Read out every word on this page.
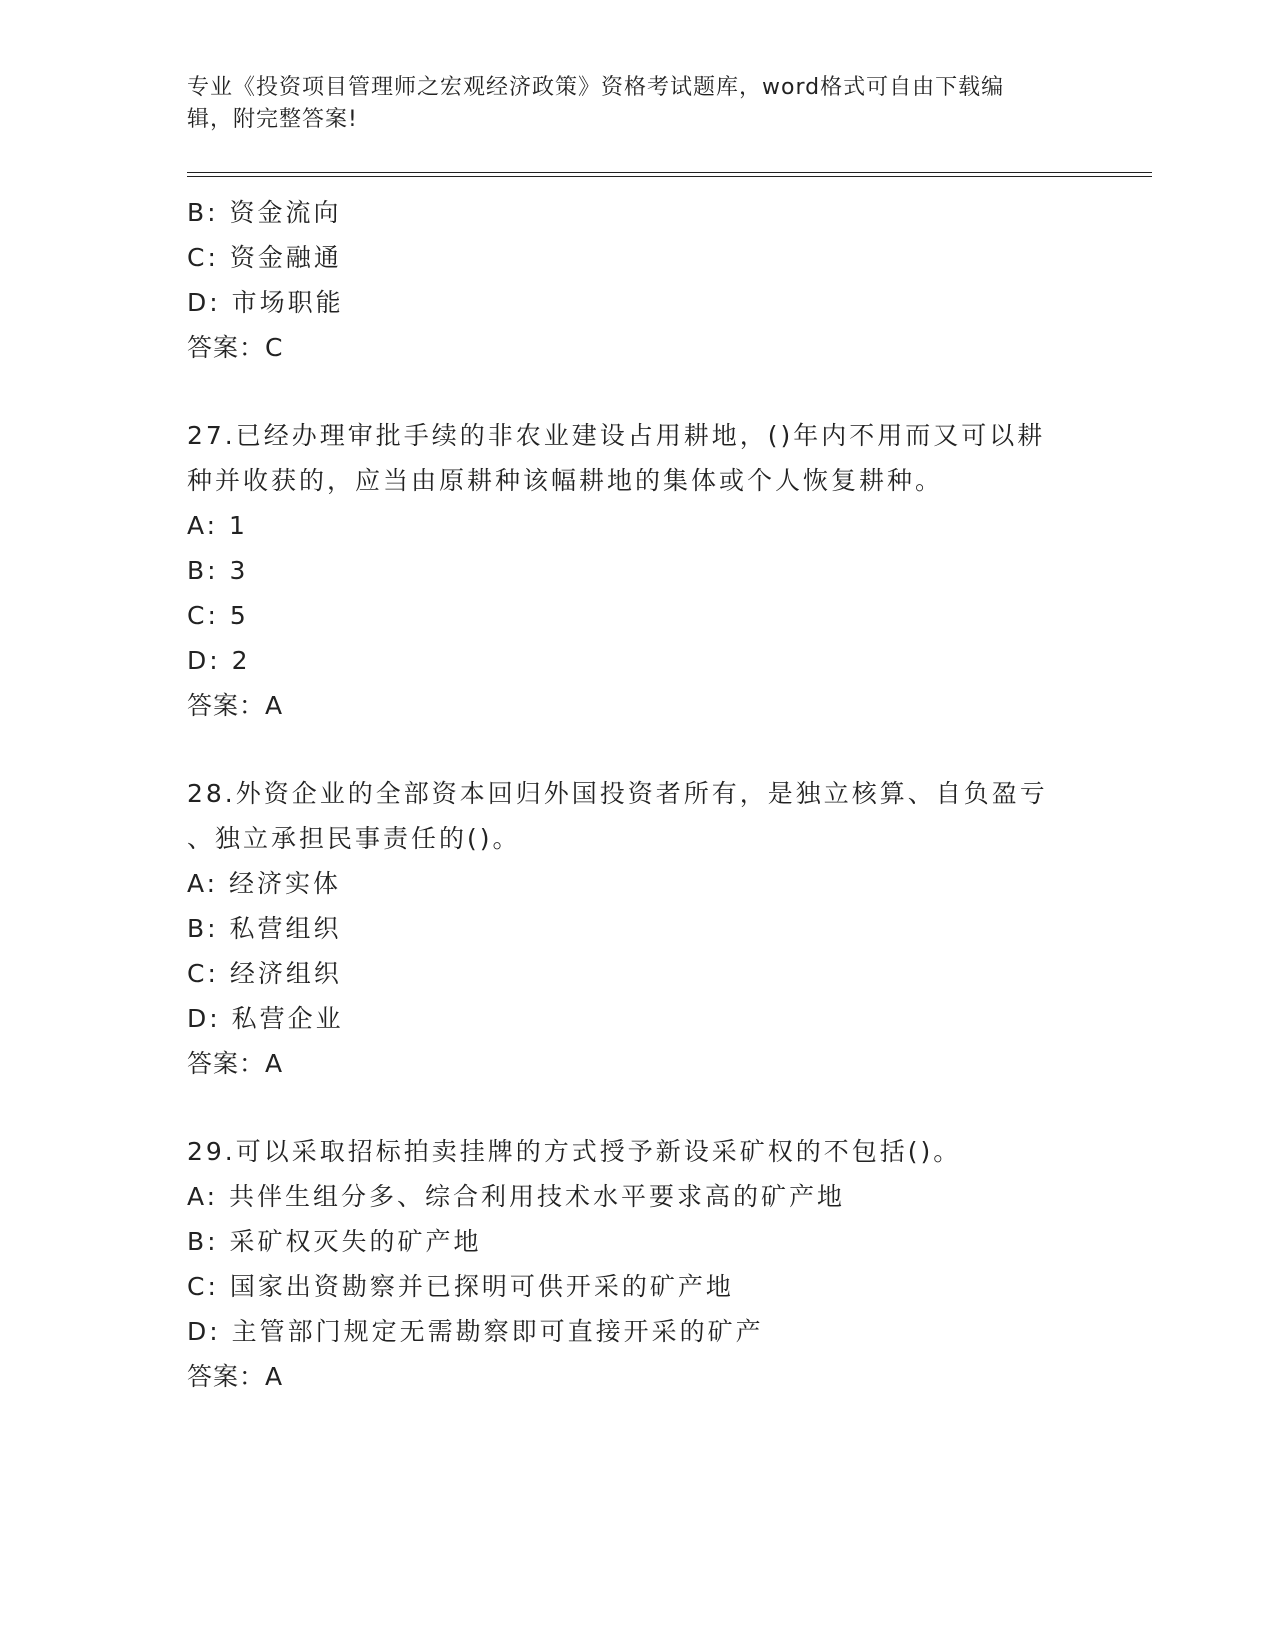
专业《投资项目管理师之宏观经济政策》资格考试题库，word格式可自由下载编
辑，附完整答案!
B: 资金流向
C: 资金融通
D: 市场职能
答案：C
27.已经办理审批手续的非农业建设占用耕地，()年内不用而又可以耕
种并收获的，应当由原耕种该幅耕地的集体或个人恢复耕种。
A: 1
B: 3
C: 5
D: 2
答案：A
28.外资企业的全部资本回归外国投资者所有，是独立核算、自负盈亏
、独立承担民事责任的()。
A: 经济实体
B: 私营组织
C: 经济组织
D: 私营企业
答案：A
29.可以采取招标拍卖挂牌的方式授予新设采矿权的不包括()。
A: 共伴生组分多、综合利用技术水平要求高的矿产地
B: 采矿权灭失的矿产地
C: 国家出资勘察并已探明可供开采的矿产地
D: 主管部门规定无需勘察即可直接开采的矿产
答案：A
